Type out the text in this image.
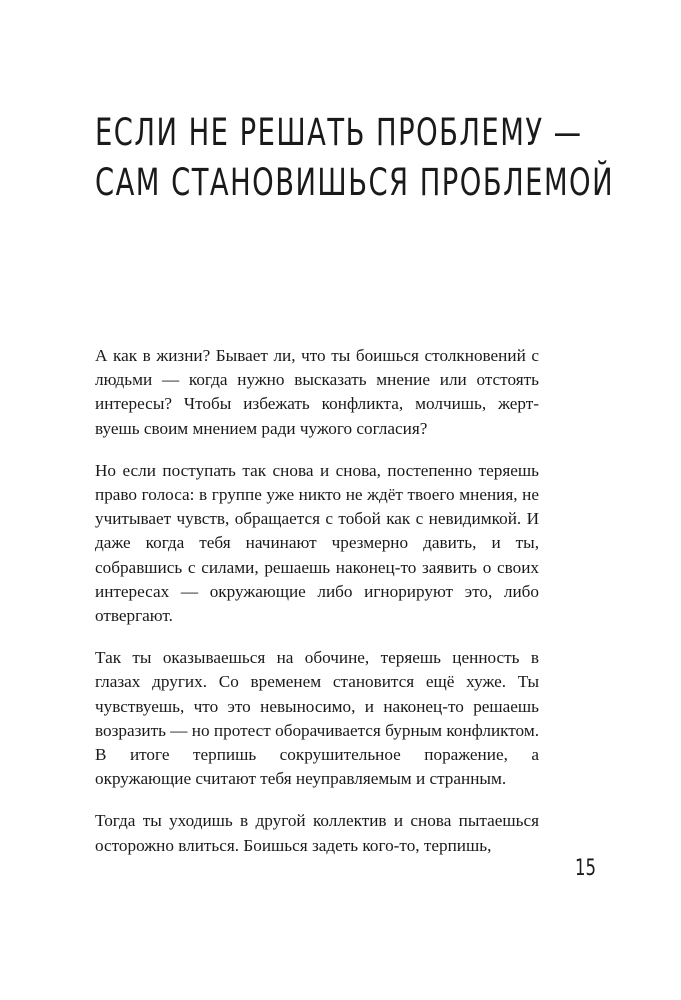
ЕСЛИ НЕ РЕШАТЬ ПРОБЛЕМУ —
САМ СТАНОВИШЬСЯ ПРОБЛЕМОЙ

А как в жизни? Бывает ли, что ты боишься столкновений с людьми — когда нужно высказать мнение или отстоять интересы? Чтобы избежать конфликта, молчишь, жертвуешь своим мнением ради чужого согласия?

Но если поступать так снова и снова, постепенно теряешь право голоса: в группе уже никто не ждёт твоего мнения, не учитывает чувств, обращается с тобой как с невидимкой. И даже когда тебя начинают чрезмерно давить, и ты, собравшись с силами, решаешь наконец-то заявить о своих интересах — окружающие либо игнорируют это, либо отвергают.

Так ты оказываешься на обочине, теряешь ценность в глазах других. Со временем становится ещё хуже. Ты чувствуешь, что это невыносимо, и наконец-то решаешь возразить — но протест оборачивается бурным конфликтом. В итоге терпишь сокрушительное поражение, а окружающие считают тебя неуправляемым и странным.

Тогда ты уходишь в другой коллектив и снова пытаешься осторожно влиться. Боишься задеть кого-то, терпишь,

15
